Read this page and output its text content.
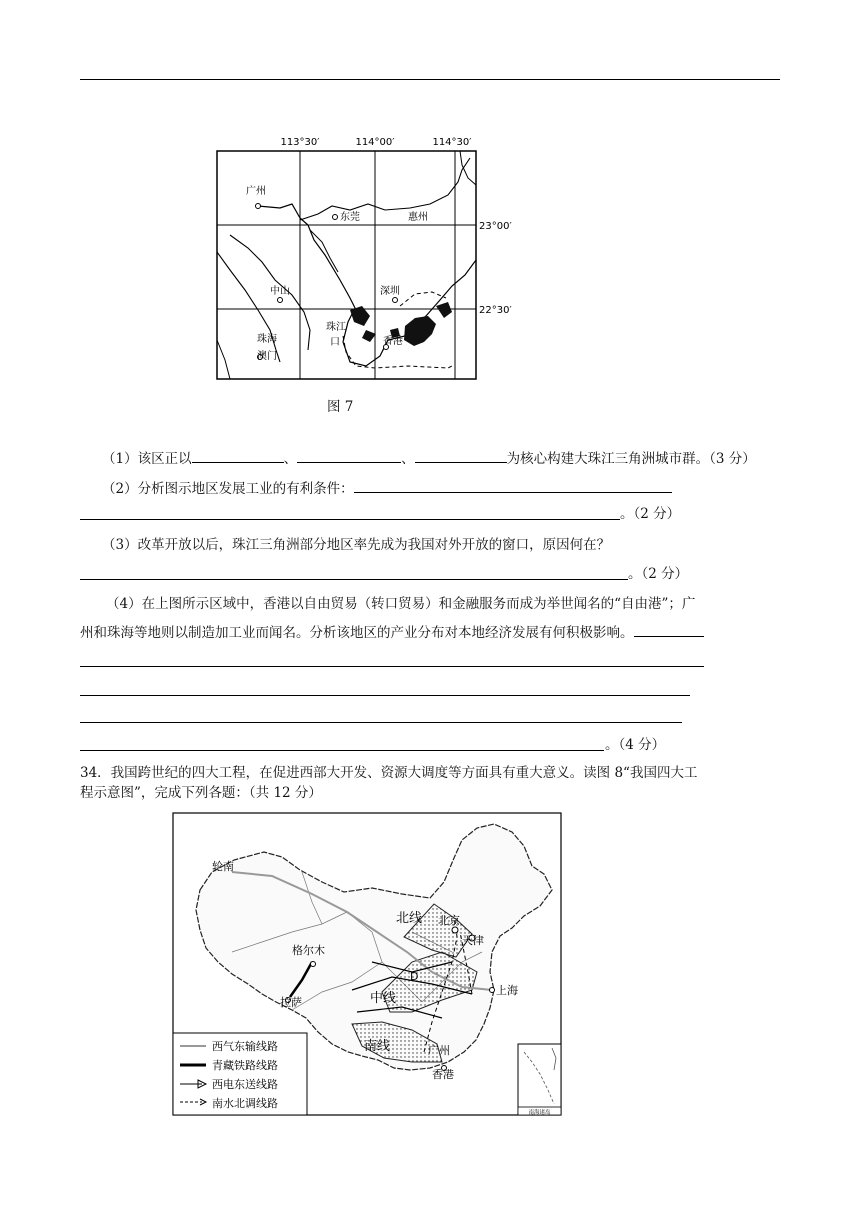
113°30′	114°00′	114°30′
23°00′
22°30′
广州
东莞	惠州
中山	深圳
珠海
珠江
口	香港
澳门
图 7
（1）该区正以	、	、	为核心构建大珠江三角洲城市群。（3 分）
（2）分析图示地区发展工业的有利条件：
。（2 分）
（3）改革开放以后，珠江三角洲部分地区率先成为我国对外开放的窗口，原因何在？
。（2 分）
（4）在上图所示区域中，香港以自由贸易（转口贸易）和金融服务而成为举世闻名的“自由港”；广
州和珠海等地则以制造加工业而闻名。分析该地区的产业分布对本地经济发展有何积极影响。
。（4 分）
34．我国跨世纪的四大工程，在促进西部大开发、资源大调度等方面具有重大意义。读图 8“我国四大工
程示意图”，完成下列各题：（共 12 分）
南海诸岛
西气东输线路
青藏铁路线路
西电东送线路
南水北调线路
轮南
北京
天津
格尔木
拉萨
上海
广州
香港
D
北线
中线
南线
